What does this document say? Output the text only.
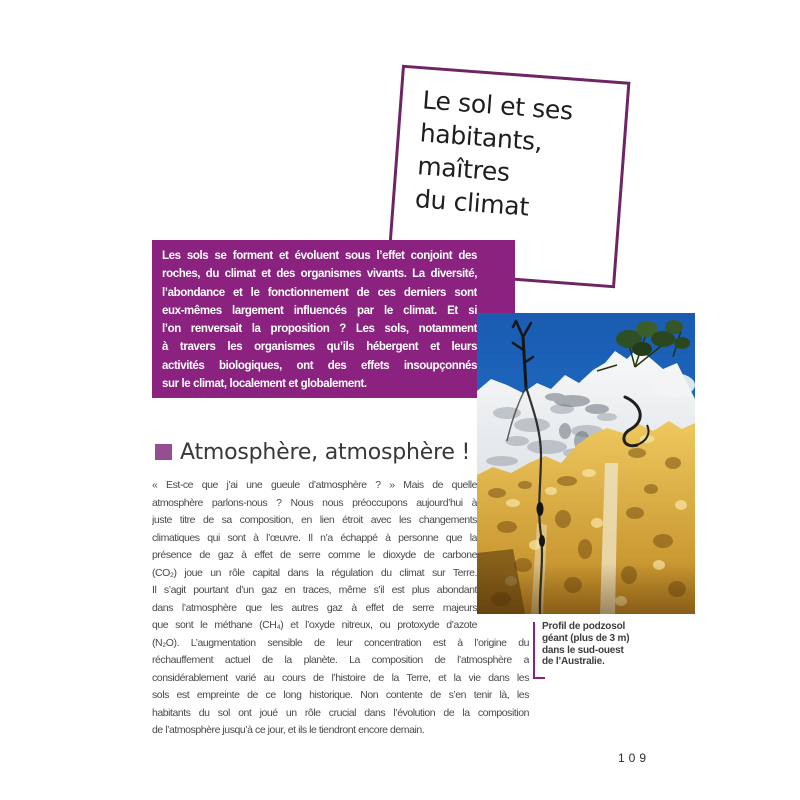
Le sol et ses
habitants,
maîtres
du climat
Les sols se forment et évoluent sous l’effet conjoint des
roches, du climat et des organismes vivants. La diversité,
l’abondance et le fonctionnement de ces derniers sont
eux-mêmes largement influencés par le climat. Et si
l’on renversait la proposition ? Les sols, notamment
à travers les organismes qu’ils hébergent et leurs
activités biologiques, ont des effets insoupçonnés
sur le climat, localement et globalement.
Atmosphère, atmosphère !
« Est-ce que j’ai une gueule d’atmosphère ? » Mais de quelle
atmosphère parlons-nous ? Nous nous préoccupons aujourd’hui à
juste titre de sa composition, en lien étroit avec les changements
climatiques qui sont à l’œuvre. Il n’a échappé à personne que la
présence de gaz à effet de serre comme le dioxyde de carbone
(CO₂) joue un rôle capital dans la régulation du climat sur Terre.
Il s’agit pourtant d’un gaz en traces, même s’il est plus abondant
dans l’atmosphère que les autres gaz à effet de serre majeurs
que sont le méthane (CH₄) et l’oxyde nitreux, ou protoxyde d’azote
(N₂O). L’augmentation sensible de leur concentration est à l’origine du
réchauffement actuel de la planète. La composition de l’atmosphère a
considérablement varié au cours de l’histoire de la Terre, et la vie dans les
sols est empreinte de ce long historique. Non contente de s’en tenir là, les
habitants du sol ont joué un rôle crucial dans l’évolution de la composition
de l’atmosphère jusqu’à ce jour, et ils le tiendront encore demain.
Profil de podzosol
géant (plus de 3 m)
dans le sud-ouest
de l’Australie.
109
